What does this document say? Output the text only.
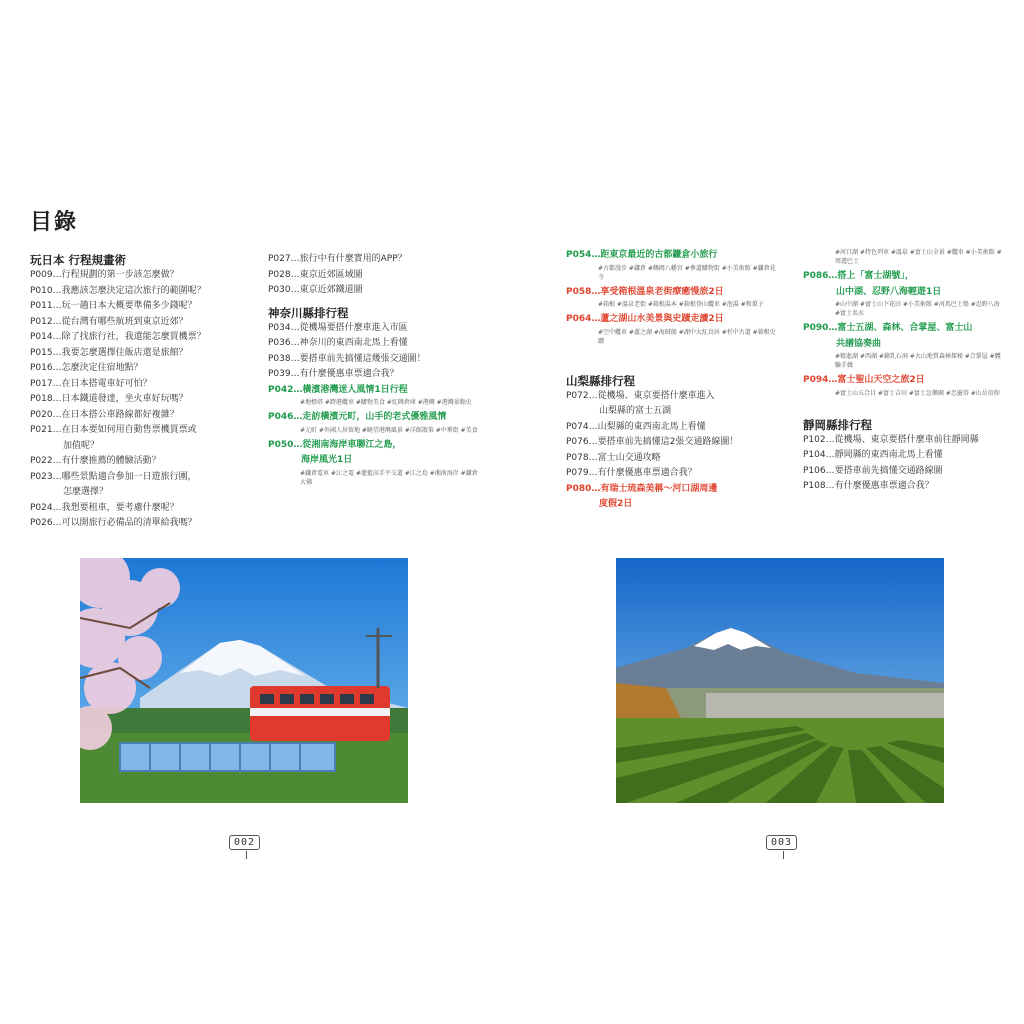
目錄
玩日本 行程規畫術
P009…行程規劃的第一步該怎麼做？
P010…我應該怎麼決定這次旅行的範圍呢？
P011…玩一趟日本大概要準備多少錢呢？
P012…從台灣有哪些航班到東京近郊？
P014…除了找旅行社，我還能怎麼買機票？
P015…我要怎麼選擇住飯店還是旅館？
P016…怎麼決定住宿地點？
P017…在日本搭電車好可怕？
P018…日本鐵道發達，坐火車好玩嗎？
P020…在日本搭公車路線都好複雜？
P021…在日本要如何用自動售票機買票或
加值呢？
P022…有什麼推薦的體驗活動？
P023…哪些景點適合參加一日遊旅行團，
怎麼選擇？
P024…我想要租車，要考慮什麼呢？
P026…可以開旅行必備品的清單給我嗎？
P027…旅行中有什麼實用的APP？
P028…東京近郊區域圖
P030…東京近郊鐵道圖
神奈川縣排行程
P034…從機場要搭什麼車進入市區
P036…神奈川的東西南北馬上看懂
P038…要搭車前先搞懂這幾張交通圖！
P039…有什麼優惠車票適合我？
P042…橫濱港灣迷人風情1日行程
#地標塔 #跨港纜車 #購物美食 #紅磚倉庫 #港灣 #港灣景點史
P046…走訪橫濱元町，山手的老式優雅風情
#元町 #外國人居留地 #眺望港灣風景 #洋館散策 #中華街 #美食
P050…從湘南海岸車聯江之島，
海岸風光1日
#鎌倉電車 #江之電 #灌籃高手平交道 #江之島 #湘南海岸 #鎌倉大佛
P054…距東京最近的古都鐮倉小旅行
#古都漫步 #鎌倉 #鶴岡八幡宮 #參道購物街 #小美術館 #鎌倉花寺
P058…享受箱根溫泉老街療癒慢旅2日
#箱根 #溫泉老街 #箱根湯本 #箱根登山纜車 #泡湯 #和菓子
P064…蘆之湖山水美景與史蹟走讀2日
#空中纜車 #蘆之湖 #海賊船 #湖中大紅鳥居 #杉中古道 #箱根史蹟
山梨縣排行程
P072…從機場、東京要搭什麼車進入
山梨縣的富士五湖
P074…山梨縣的東西南北馬上看懂
P076…要搭車前先搞懂這2張交通路線圖！
P078…富士山交通攻略
P079…有什麼優惠車票適合我？
P080…有瑞士琉森美稱～河口湖周邊
度假2日
#河口湖 #特色列車 #溫泉 #富士山全景 #纜車 #小美術館 #周遊巴士
P086…搭上「富士湖號」，
山中湖、忍野八海輕遊1日
#山中湖 #富士山下花田 #小美術館 #河馬巴士船 #忍野八海 #富士名水
P090…富士五湖、森林、合掌屋、富士山
共譜協奏曲
#精進湖 #西湖 #鐘乳石洞 #火山地質森林探秘 #合掌屋 #體驗手做
P094…富士聖山天空之旅2日
#富士山五合目 #富士吉田 #富士急樂園 #忠靈塔 #山岳信仰
靜岡縣排行程
P102…從機場、東京要搭什麼車前往靜岡縣
P104…靜岡縣的東西南北馬上看懂
P106…要搭車前先搞懂交通路線圖
P108…有什麼優惠車票適合我？
002	003
